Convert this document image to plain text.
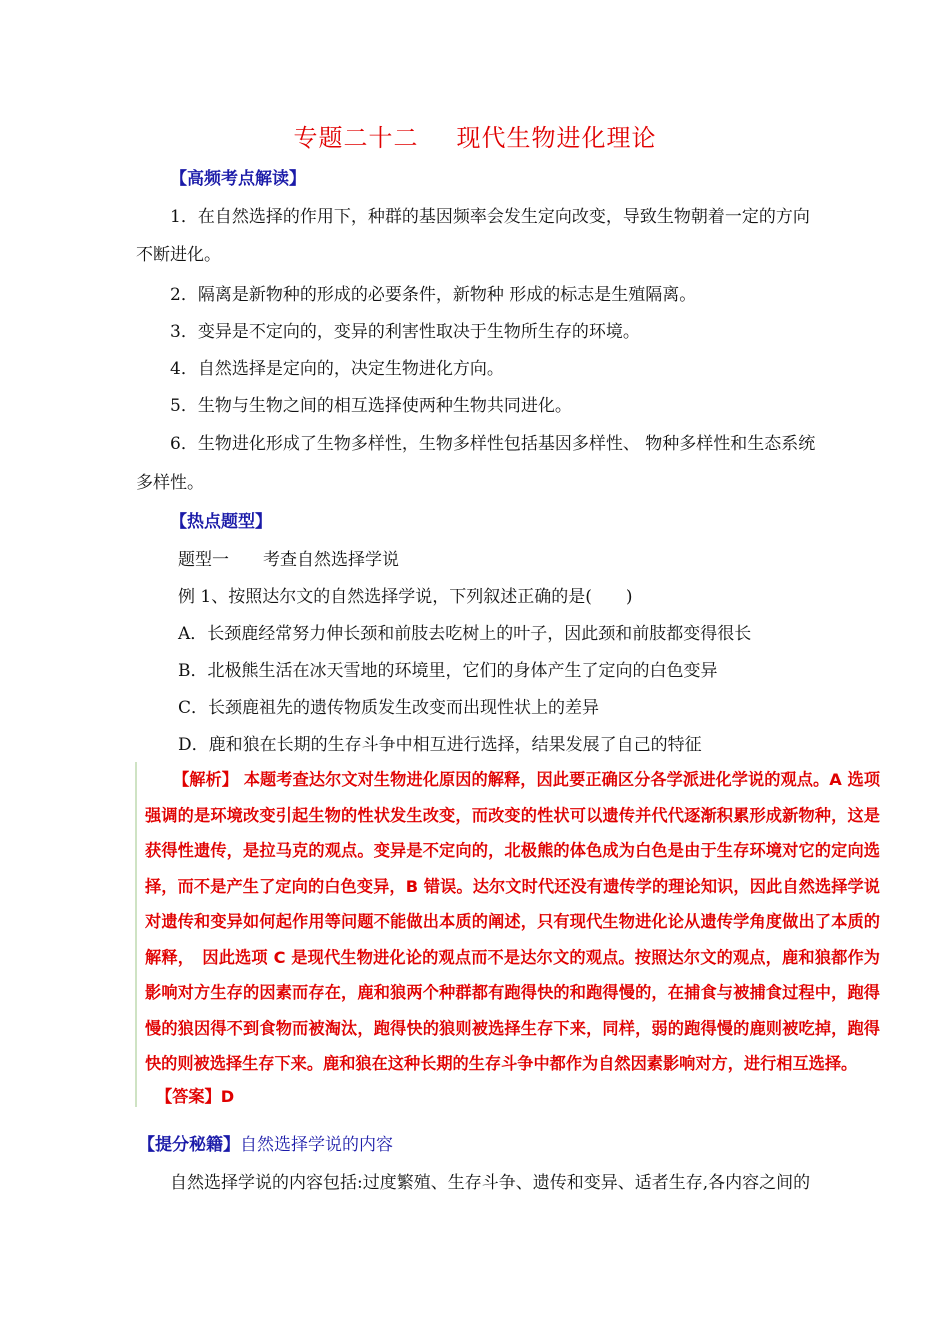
专题二十二 现代生物进化理论
【高频考点解读】
1．在自然选择的作用下，种群的基因频率会发生定向改变，导致生物朝着一定的方向
不断进化。
2．隔离是新物种的形成的必要条件，新物种 形成的标志是生殖隔离。
3．变异是不定向的，变异的利害性取决于生物所生存的环境。
4．自然选择是定向的，决定生物进化方向。
5．生物与生物之间的相互选择使两种生物共同进化。
6．生物进化形成了生物多样性，生物多样性包括基因多样性、 物种多样性和生态系统
多样性。
【热点题型】
题型一 考查自然选择学说
例 1、按照达尔文的自然选择学说，下列叙述正确的是(　　)
A．长颈鹿经常努力伸长颈和前肢去吃树上的叶子，因此颈和前肢都变得很长
B．北极熊生活在冰天雪地的环境里，它们的身体产生了定向的白色变异
C．长颈鹿祖先的遗传物质发生改变而出现性状上的差异
D．鹿和狼在长期的生存斗争中相互进行选择，结果发展了自己的特征
【解析】 本题考查达尔文对生物进化原因的解释，因此要正确区分各学派进化学说的观点。A 选项强调的是环境改变引起生物的性状发生改变，而改变的性状可以遗传并代代逐渐积累形成新物种，这是获得性遗传，是拉马克的观点。变异是不定向的，北极熊的体色成为白色是由于生存环境对它的定向选择，而不是产生了定向的白色变异，B 错误。达尔文时代还没有遗传学的理论知识，因此自然选择学说对遗传和变异如何起作用等问题不能做出本质的阐述，只有现代生物进化论从遗传学角度做出了本质的解释，　因此选项 C 是现代生物进化论的观点而不是达尔文的观点。按照达尔文的观点，鹿和狼都作为影响对方生存的因素而存在，鹿和狼两个种群都有跑得快的和跑得慢的，在捕食与被捕食过程中，跑得慢的狼因得不到食物而被淘汰，跑得快的狼则被选择生存下来，同样，弱的跑得慢的鹿则被吃掉，跑得快的则被选择生存下来。鹿和狼在这种长期的生存斗争中都作为自然因素影响对方，进行相互选择。
【答案】D
【提分秘籍】自然选择学说的内容
自然选择学说的内容包括:过度繁殖、生存斗争、遗传和变异、适者生存,各内容之间的
